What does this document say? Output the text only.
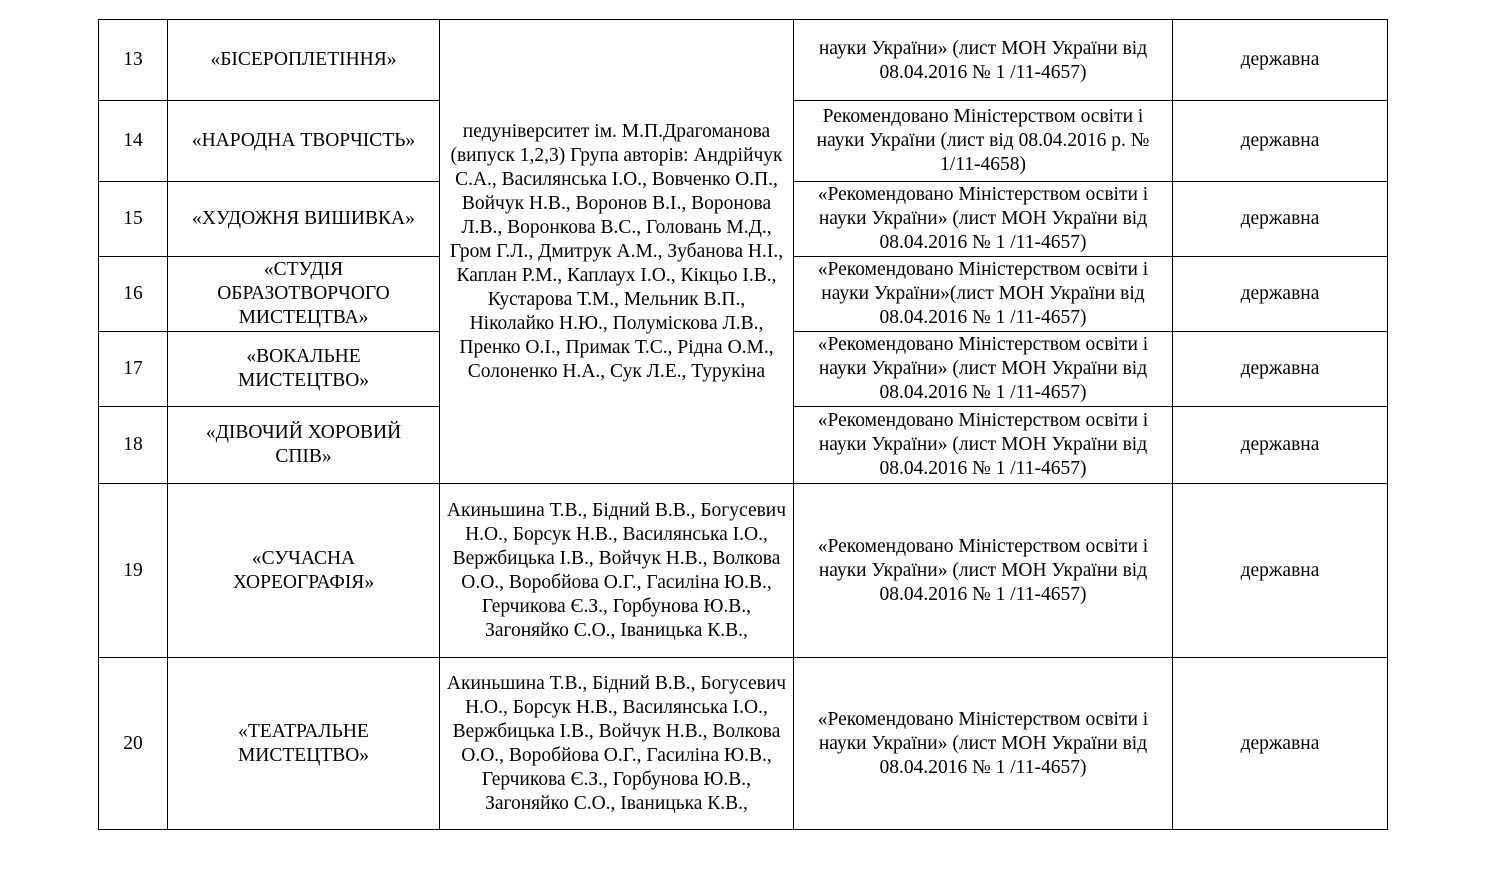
13	«БІСЕРОПЛЕТІННЯ»	педуніверситет ім. М.П.Драгоманова (випуск 1,2,3) Група авторів: Андрійчук С.А., Василянська І.О., Вовченко О.П., Войчук Н.В., Воронов В.І., Воронова Л.В., Воронкова В.С., Головань М.Д., Гром Г.Л., Дмитрук А.М., Зубанова Н.І., Каплан Р.М., Каплаух І.О., Кікцьо І.В., Кустарова Т.М., Мельник В.П., Ніколайко Н.Ю., Полумiскова Л.В., Пренко О.І., Примак Т.С., Рідна О.М., Солоненко Н.А., Сук Л.Е., Турукіна	науки України» (лист МОН України від 08.04.2016 № 1 /11-4657)	державна
14	«НАРОДНА ТВОРЧІСТЬ»		Рекомендовано Міністерством освіти і науки України (лист від 08.04.2016 р. № 1/11-4658)	державна
15	«ХУДОЖНЯ ВИШИВКА»		«Рекомендовано Міністерством освіти і науки України» (лист МОН України від 08.04.2016 № 1 /11-4657)	державна
16	«СТУДІЯ ОБРАЗОТВОРЧОГО МИСТЕЦТВА»		«Рекомендовано Міністерством освіти і науки України»(лист МОН України від 08.04.2016 № 1 /11-4657)	державна
17	«ВОКАЛЬНЕ МИСТЕЦТВО»		«Рекомендовано Міністерством освіти і науки України» (лист МОН України від 08.04.2016 № 1 /11-4657)	державна
18	«ДІВОЧИЙ ХОРОВИЙ СПІВ»		«Рекомендовано Міністерством освіти і науки України» (лист МОН України від 08.04.2016 № 1 /11-4657)	державна
19	«СУЧАСНА ХОРЕОГРАФІЯ»	Акиньшина Т.В., Бідний В.В., Богусевич Н.О., Борсук Н.В., Василянська І.О., Вержбицька І.В., Войчук Н.В., Волкова О.О., Воробйова О.Г., Гасиліна Ю.В., Герчикова Є.З., Горбунова Ю.В., Загоняйко С.О., Іваницька К.В.,	«Рекомендовано Міністерством освіти і науки України» (лист МОН України від 08.04.2016 № 1 /11-4657)	державна
20	«ТЕАТРАЛЬНЕ МИСТЕЦТВО»	Акиньшина Т.В., Бідний В.В., Богусевич Н.О., Борсук Н.В., Василянська І.О., Вержбицька І.В., Войчук Н.В., Волкова О.О., Воробйова О.Г., Гасиліна Ю.В., Герчикова Є.З., Горбунова Ю.В., Загоняйко С.О., Іваницька К.В.,	«Рекомендовано Міністерством освіти і науки України» (лист МОН України від 08.04.2016 № 1 /11-4657)	державна
